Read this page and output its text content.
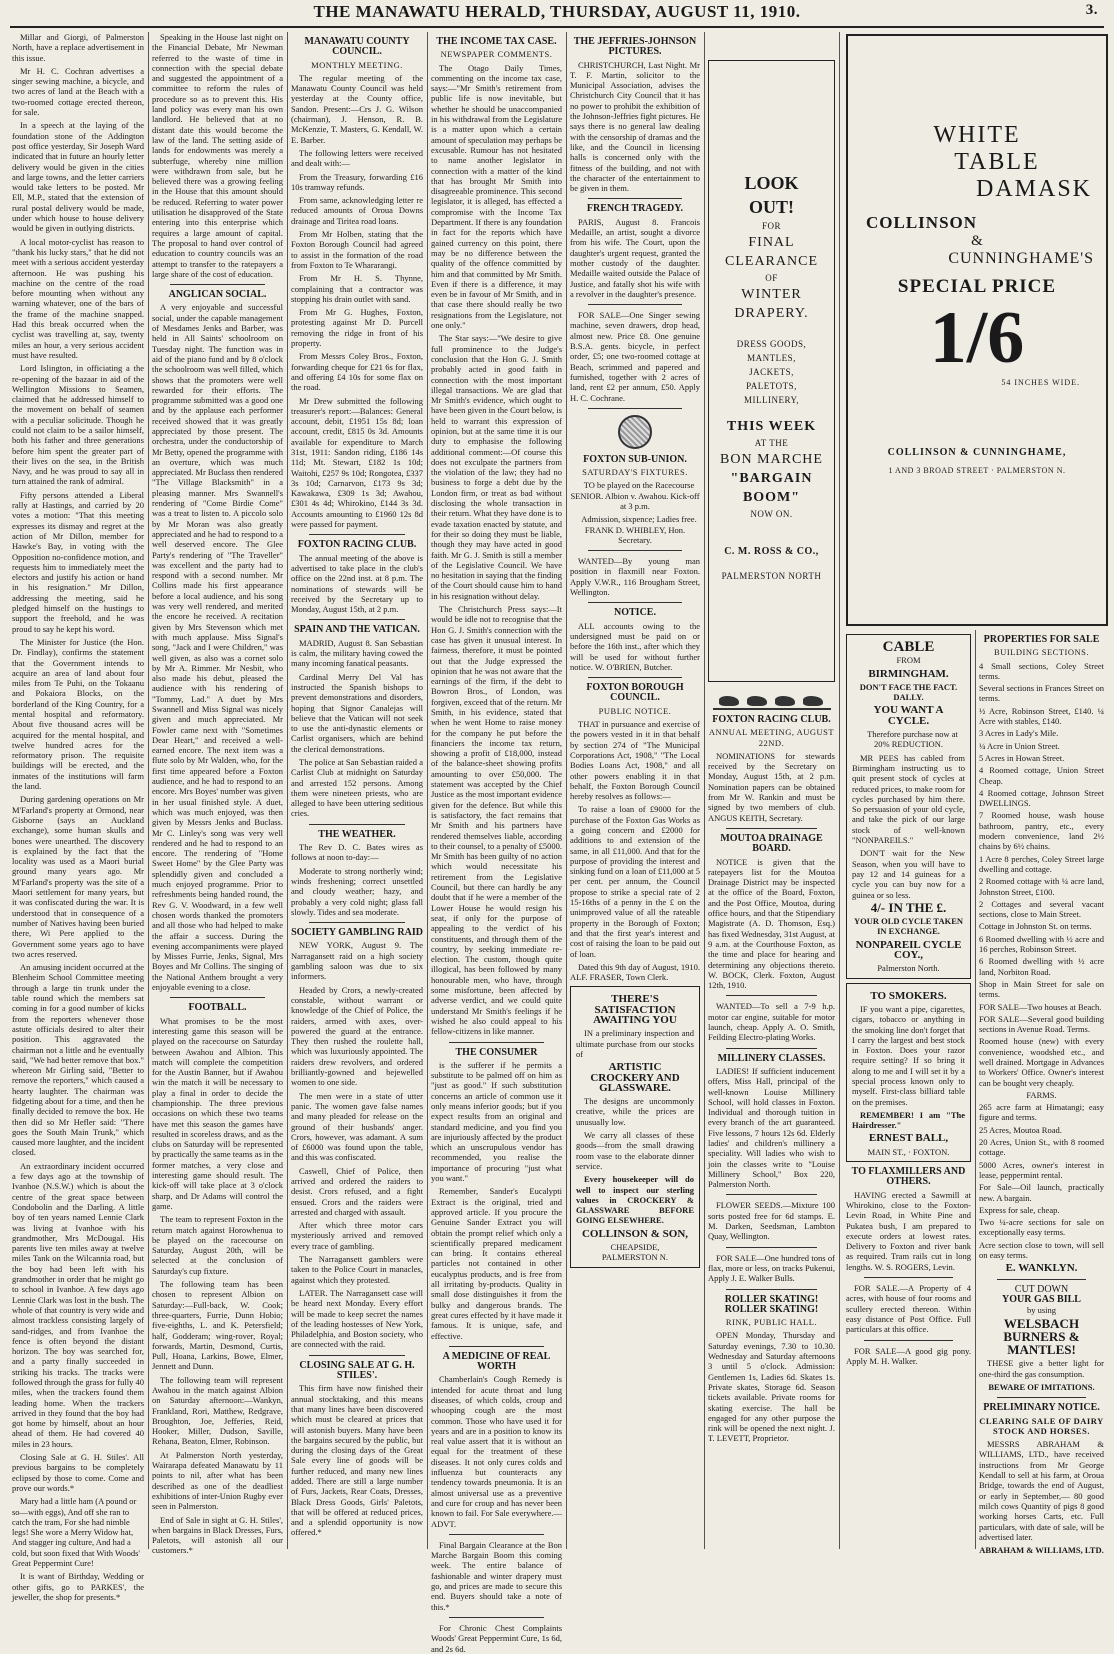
THE MANAWATU HERALD, THURSDAY, AUGUST 11, 1910.	3.

Millar and Giorgi, of Palmerston North, have a replace advertisement in this issue.

Mr H. C. Cochran advertises a singer sewing machine, a bicycle, and two acres of land at the Beach with a two-roomed cottage erected thereon, for sale.

In a speech at the laying of the foundation stone of the Addington post office yesterday, Sir Joseph Ward indicated that in future an hourly letter delivery would be given in the cities and large towns, and the letter carriers would take letters to be posted. Mr Ell, M.P., stated that the extension of rural postal delivery would be made, under which house to house delivery would be given in outlying districts.

A local motor-cyclist has reason to "thank his lucky stars," that he did not meet with a serious accident yesterday afternoon. He was pushing his machine on the centre of the road before mounting when without any warning whatever, one of the bars of the frame of the machine snapped. Had this break occurred when the cyclist was travelling at, say, twenty miles an hour, a very serious accident must have resulted.

Lord Islington, in officiating a the re-opening of the bazaar in aid of the Wellington Missions to Seamen, claimed that he addressed himself to the movement on behalf of seamen with a peculiar solicitude. Though he could not claim to be a sailor himself, both his father and three generations before him spent the greater part of their lives on the sea, in the British Navy, and he was proud to say all in turn attained the rank of admiral.

Fifty persons attended a Liberal rally at Hastings, and carried by 20 votes a motion: "That this meeting expresses its dismay and regret at the action of Mr Dillon, member for Hawke's Bay, in voting with the Opposition no-confidence motion, and requests him to immediately meet the electors and justify his action or hand in his resignation." Mr Dillon, addressing the meeting, said he pledged himself on the hustings to support the freehold, and he was proud to say he kept his word.

The Minister for Justice (the Hon. Dr. Findlay), confirms the statement that the Government intends to acquire an area of land about four miles from Te Puhi, on the Tokaanu and Pokaiora Blocks, on the borderland of the King Country, for a mental hospital and reformatory. About five thousand acres will be acquired for the mental hospital, and twelve hundred acres for the reformatory prison. The requisite buildings will be erected, and the inmates of the institutions will farm the land.

During gardening operations on Mr M'Farland's property at Ormond, near Gisborne (says an Auckland exchange), some human skulls and bones were unearthed. The discovery is explained by the fact that the locality was used as a Maori burial ground many years ago. Mr M'Farland's property was the site of a Maori settlement for many years, but it was confiscated during the war. It is understood that in consequence of a number of Natives having been buried there, Wi Pere applied to the Government some years ago to have two acres reserved.

An amusing incident occurred at the Blenheim School Committee meeting through a large tin trunk under the table round which the members sat coming in for a good number of kicks from the reporters whenever those astute officials desired to alter their position. This aggravated the chairman not a little and he eventually said, "We had better remove that box." whereon Mr Girling said, "Better to remove the reporters," which caused a hearty laughter. The chairman was fidgeting about for a time, and then he finally decided to remove the box. He then did so Mr Hefler said: "There goes the South Main Trunk," which caused more laughter, and the incident closed.

An extraordinary incident occurred a few days ago at the township of Ivanhoe (N.S.W.) which is about the centre of the great space between Condobolin and the Darling. A little boy of ten years named Lennie Clark was living at Ivanhoe with his grandmother, Mrs McDougal. His parents live ten miles away at twelve miles Tank on the Wilcannia road, but the boy had been left with his grandmother in order that he might go to school in Ivanhoe. A few days ago Lennie Clark was lost in the bush. The whole of that country is very wide and almost trackless consisting largely of sand-ridges, and from Ivanhoe the fence is often beyond the distant horizon. The boy was searched for, and a party finally succeeded in striking his tracks. The tracks were followed through the grass for fully 40 miles, when the trackers found them leading home. When the trackers arrived in they found that the boy had got home by himself, about an hour ahead of them. He had covered 40 miles in 23 hours.

Closing Sale at G. H. Stiles'. All previous bargains to be completely eclipsed by those to come. Come and prove our words.*

Mary had a little ham (A pound or so—with eggs), And off she ran to catch the tram, For she had nimble legs! She wore a Merry Widow hat, And stagger ing culture, And had a cold, but soon fixed that With Woods' Great Peppermint Cure!

It is want of Birthday, Wedding or other gifts, go to PARKES', the jeweller, the shop for presents.*

Speaking in the House last night on the Financial Debate, Mr Newman referred to the waste of time in connection with the special debate and suggested the appointment of a committee to reform the rules of procedure so as to prevent this. His land policy was every man his own landlord. He believed that at no distant date this would become the law of the land. The setting aside of lands for endowments was merely a subterfuge, whereby nine million were withdrawn from sale, but he believed there was a growing feeling in the House that this amount should be reduced. Referring to water power utilisation he disapproved of the State entering into this enterprise which requires a large amount of capital. The proposal to hand over control of education to country councils was an attempt to transfer to the ratepayers a large share of the cost of education.

ANGLICAN SOCIAL.

A very enjoyable and successful social, under the capable management of Mesdames Jenks and Barber, was held in All Saints' schoolroom on Tuesday night. The function was in aid of the piano fund and by 8 o'clock the schoolroom was well filled, which shows that the promoters were well rewarded for their efforts. The programme submitted was a good one and by the applause each performer received showed that it was greatly appreciated by those present. The orchestra, under the conductorship of Mr Betty, opened the programme with an overture, which was much appreciated. Mr Buclass then rendered "The Village Blacksmith" in a pleasing manner. Mrs Swannell's rendering of "Come Birdie Come" was a treat to listen to. A piccolo solo by Mr Moran was also greatly appreciated and he had to respond to a well deserved encore. The Glee Party's rendering of "The Traveller" was excellent and the party had to respond with a second number. Mr Collins made his first appearance before a local audience, and his song was very well rendered, and merited the encore he received. A recitation given by Mrs Stevenson which met with much applause. Miss Signal's song, "Jack and I were Children," was well given, as also was a cornet solo by Mr A. Rimmer. Mr Nesbit, who also made his debut, pleased the audience with his rendering of "Tommy, Lad." A duet by Mrs Swannell and Miss Signal was nicely given and much appreciated. Mr Fowler came next with "Sometimes Dear Heart," and received a well-earned encore. The next item was a flute solo by Mr Walden, who, for the first time appeared before a Foxton audience, and he had to respond to an encore. Mrs Boyes' number was given in her usual finished style. A duet, which was much enjoyed, was then given by Messrs Jenks and Buclass. Mr C. Linley's song was very well rendered and he had to respond to an encore. The rendering of "Home Sweet Home" by the Glee Party was splendidly given and concluded a much enjoyed programme. Prior to refreshments being handed round, the Rev G. V. Woodward, in a few well chosen words thanked the promoters and all those who had helped to make the affair a success. During the evening accompaniments were played by Misses Furrie, Jenks, Signal, Mrs Boyes and Mr Collins. The singing of the National Anthem brought a very enjoyable evening to a close.

FOOTBALL.

What promises to be the most interesting game this season will be played on the racecourse on Saturday between Awahou and Albion. This match will complete the competition for the Austin Banner, but if Awahou win the match it will be necessary to play a final in order to decide the championship. The three previous occasions on which these two teams have met this season the games have resulted in scoreless draws, and as the clubs on Saturday will be represented by practically the same teams as in the former matches, a very close and interesting game should result. The kick-off will take place at 3 o'clock sharp, and Dr Adams will control the game.

The team to represent Foxton in the return match against Horowhenua to be played on the racecourse on Saturday, August 20th, will be selected at the conclusion of Saturday's cup fixture.

The following team has been chosen to represent Albion on Saturday:—Full-back, W. Cook; three-quarters, Furrie, Dunn Hobio; five-eighths, L. and K. Petersfield; half, Godderam; wing-rover, Royal; forwards, Martin, Desmond, Curtis, Pull, Hoana, Larkins, Bowe, Elmer, Jennett and Dunn.

The following team will represent Awahou in the match against Albion on Saturday afternoon:—Wankyn, Frankland, Rori, Matthew, Redgrave, Broughton, Joe, Jefferies, Reid, Hooker, Miller, Dudson, Saville, Rehana, Beaton, Elmer, Robinson.

At Palmerston North yesterday, Wairarapa defeated Manawatu by 11 points to nil, after what has been described as one of the deadliest exhibitions of inter-Union Rugby ever seen in Palmerston.

End of Sale in sight at G. H. Stiles', when bargains in Black Dresses, Furs, Paletots, will astonish all our customers.*

MANAWATU COUNTY COUNCIL.
MONTHLY MEETING.

The regular meeting of the Manawatu County Council was held yesterday at the County office, Sandon. Present:—Crs J. G. Wilson (chairman), J. Henson, R. B. McKenzie, T. Masters, G. Kendall, W. E. Barber.

The following letters were received and dealt with:—

From the Treasury, forwarding £16 10s tramway refunds.

From same, acknowledging letter re reduced amounts of Oroua Downs drainage and Tiritea road loans.

From Mr Holben, stating that the Foxton Borough Council had agreed to assist in the formation of the road from Foxton to Te Whararangi.

From Mr H. S. Thynne, complaining that a contractor was stopping his drain outlet with sand.

From Mr G. Hughes, Foxton, protesting against Mr D. Purcell removing the ridge in front of his property.

From Messrs Coley Bros., Foxton, forwarding cheque for £21 6s for flax, and offering £4 10s for some flax on the road.

Mr Drew submitted the following treasurer's report:—Balances: General account, debit, £1951 15s 8d; loan account, credit, £815 0s 3d. Amounts available for expenditure to March 31st, 1911: Sandon riding, £186 14s 11d; Mt. Stewart, £182 1s 10d; Waitohi, £257 9s 10d; Rongotea, £337 3s 10d; Carnarvon, £173 9s 3d; Kawakawa, £309 1s 3d; Awahou, £301 4s 4d; Whirokino, £144 3s 3d. Accounts amounting to £1960 12s 8d were passed for payment.

FOXTON RACING CLUB.

The annual meeting of the above is advertised to take place in the club's office on the 22nd inst. at 8 p.m. The nominations of stewards will be received by the Secretary up to Monday, August 15th, at 2 p.m.

SPAIN AND THE VATICAN.

MADRID, August 8. San Sebastian is calm, the military having cowed the many incoming fanatical peasants.

Cardinal Merry Del Val has instructed the Spanish bishops to prevent demonstrations and disorders, hoping that Signor Canalejas will believe that the Vatican will not seek to use the anti-dynastic elements or Carlist organisers, which are behind the clerical demonstrations.

The police at San Sebastian raided a Carlist Club at midnight on Saturday and arrested 152 persons. Among them were nineteen priests, who are alleged to have been uttering seditious cries.

THE WEATHER.

The Rev D. C. Bates wires as follows at noon to-day:—

Moderate to strong northerly wind; winds freshening; correct unsettled and cloudy weather; hazy, and probably a very cold night; glass fall slowly. Tides and sea moderate.

SOCIETY GAMBLING RAID

NEW YORK, August 9. The Narragansett raid on a high society gambling saloon was due to six informers.

Headed by Crors, a newly-created constable, without warrant or knowledge of the Chief of Police, the raiders, armed with axes, over-powered the guard at the entrance. They then rushed the roulette hall, which was luxuriously appointed. The raiders drew revolvers, and ordered brilliantly-gowned and bejewelled women to one side.

The men were in a state of utter panic. The women gave false names and many pleaded for release on the ground of their husbands' anger. Crors, however, was adamant. A sum of £6000 was found upon the table, and this was confiscated.

Caswell, Chief of Police, then arrived and ordered the raiders to desist. Crors refused, and a fight ensued. Crors and the raiders were arrested and charged with assault.

After which three motor cars mysteriously arrived and removed every trace of gambling.

The Narragansett gamblers were taken to the Police Court in manacles, against which they protested.

LATER. The Narragansett case will be heard next Monday. Every effort will be made to keep secret the names of the leading hostesses of New York, Philadelphia, and Boston society, who are connected with the raid.

CLOSING SALE AT G. H. STILES'.

This firm have now finished their annual stocktaking, and this means that many lines have been discovered which must be cleared at prices that will astonish buyers. Many have been the bargains secured by the public, but during the closing days of the Great Sale every line of goods will be further reduced, and many new lines added. There are still a large number of Furs, Jackets, Rear Coats, Dresses, Black Dress Goods, Girls' Paletots, that will be offered at reduced prices, and a splendid opportunity is now offered.*

THE INCOME TAX CASE.
NEWSPAPER COMMENTS.

The Otago Daily Times, commenting on the income tax case, says:—"Mr Smith's retirement from public life is now inevitable, but whether he should be unaccompanied in his withdrawal from the Legislature is a matter upon which a certain amount of speculation may perhaps be excusable. Rumour has not hesitated to name another legislator in connection with a matter of the kind that has brought Mr Smith into disagreeable prominence. This second legislator, it is alleged, has effected a compromise with the Income Tax Department. If there is any foundation in fact for the reports which have gained currency on this point, there may be no difference between the quality of the offence committed by him and that committed by Mr Smith. Even if there is a difference, it may even be in favour of Mr Smith, and in that case there should really be two resignations from the Legislature, not one only."

The Star says:—"We desire to give full prominence to the Judge's conclusion that the Hon G. J. Smith probably acted in good faith in connection with the most important illegal transactions. We are glad that Mr Smith's evidence, which ought to have been given in the Court below, is held to warrant this expression of opinion, but at the same time it is our duty to emphasise the following additional comment:—Of course this does not exculpate the partners from the violation of the law; they had no business to forge a debt due by the London firm, or treat as bad without disclosing the whole transaction in their return. What they have done is to evade taxation enacted by statute, and for their so doing they must be liable, though they may have acted in good faith. Mr G. J. Smith is still a member of the Legislative Council. We have no hesitation in saying that the finding of the Court should cause him to hand in his resignation without delay.

The Christchurch Press says:—It would be idle not to recognise that the Hon G. J. Smith's connection with the case has given it unusual interest. In fairness, therefore, it must be pointed out that the Judge expressed the opinion that he was not aware that the earnings of the firm, if the debt to Bowron Bros., of London, was forgiven, exceed that of the return. Mr Smith, in his evidence, stated that when he went Home to raise money for the company he put before the financiers the income tax return, showing a profit of £18,000, instead of the balance-sheet showing profits amounting to over £50,000. The statement was accepted by the Chief Justice as the most important evidence given for the defence. But while this is satisfactory, the fact remains that Mr Smith and his partners have rendered themselves liable, according to their counsel, to a penalty of £5000. Mr Smith has been guilty of no action which would necessitate his retirement from the Legislative Council, but there can hardly be any doubt that if he were a member of the Lower House he would resign his seat, if only for the purpose of appealing to the verdict of his constituents, and through them of the country, by seeking immediate re-election. The custom, though quite illogical, has been followed by many honourable men, who have, through some misfortune, been affected by adverse verdict, and we could quite understand Mr Smith's feelings if he wished he also could appeal to his fellow-citizens in like manner.

THE CONSUMER

is the sufferer if he permits a substitute to be palmed off on him as "just as good." If such substitution concerns an article of common use it only means inferior goods; but if you expect results from an original and standard medicine, and you find you are injuriously affected by the product which an unscrupulous vendor has recommended, you realise the importance of procuring "just what you want."

Remember, Sander's Eucalypti Extract is the original, tried and approved article. If you procure the Genuine Sander Extract you will obtain the prompt relief which only a scientifically prepared medicament can bring. It contains ethereal particles not contained in other eucalyptus products, and is free from all irritating by-products. Quality in small dose distinguishes it from the bulky and dangerous brands. The great cures effected by it have made it famous. It is unique, safe, and effective.

A MEDICINE OF REAL WORTH

Chamberlain's Cough Remedy is intended for acute throat and lung diseases, of which colds, croup and whooping cough are the most common. Those who have used it for years and are in a position to know its real value assert that it is without an equal for the treatment of these diseases. It not only cures colds and influenza but counteracts any tendency towards pneumonia. It is an almost universal use as a preventive and cure for croup and has never been known to fail. For Sale everywhere.—ADVT.

Final Bargain Clearance at the Bon Marche Bargain Boom this coming week. The entire balance of fashionable and winter drapery must go, and prices are made to secure this end. Buyers should take a note of this.*

For Chronic Chest Complaints Woods' Great Peppermint Cure, 1s 6d, and 2s 6d.

THE JEFFRIES-JOHNSON PICTURES.

CHRISTCHURCH, Last Night. Mr T. F. Martin, solicitor to the Municipal Association, advises the Christchurch City Council that it has no power to prohibit the exhibition of the Johnson-Jeffries fight pictures. He says there is no general law dealing with the censorship of dramas and the like, and the Council in licensing halls is concerned only with the fitness of the building, and not with the character of the entertainment to be given in them.

FRENCH TRAGEDY.

PARIS, August 8. Francois Medaille, an artist, sought a divorce from his wife. The Court, upon the daughter's urgent request, granted the mother custody of the daughter. Medaille waited outside the Palace of Justice, and fatally shot his wife with a revolver in the daughter's presence.

FOR SALE—One Singer sewing machine, seven drawers, drop head, almost new. Price £8. One genuine B.S.A. gents. bicycle, in perfect order, £5; one two-roomed cottage at Beach, scrimmed and papered and furnished, together with 2 acres of land, rent £2 per annum, £50. Apply H. C. Cochrane.

FOXTON SUB-UNION.
SATURDAY'S FIXTURES.

TO be played on the Racecourse SENIOR. Albion v. Awahou. Kick-off at 3 p.m.

Admission, sixpence; Ladies free. FRANK D. WHIBLEY, Hon. Secretary.

WANTED—By young man position in flaxmill near Foxton. Apply V.W.R., 116 Brougham Street, Wellington.

NOTICE.

ALL accounts owing to the undersigned must be paid on or before the 16th inst., after which they will be used for without further notice. W. O'BRIEN, Butcher.

FOXTON BOROUGH COUNCIL.
PUBLIC NOTICE.

THAT in pursuance and exercise of the powers vested in it in that behalf by section 274 of "The Municipal Corporations Act, 1908," "The Local Bodies Loans Act, 1908," and all other powers enabling it in that behalf, the Foxton Borough Council hereby resolves as follows:—

To raise a loan of £9000 for the purchase of the Foxton Gas Works as a going concern and £2000 for additions to and extension of the same, in all £11,000. And that for the purpose of providing the interest and sinking fund on a loan of £11,000 at 5 per cent. per annum, the Council propose to strike a special rate of 2 15-16ths of a penny in the £ on the unimproved value of all the rateable property in the Borough of Foxton; and that the first year's interest and cost of raising the loan to be paid out of loan.

Dated this 9th day of August, 1910. ALF. FRASER, Town Clerk.

THERE'S SATISFACTION AWAITING YOU

IN a preliminary inspection and ultimate purchase from our stocks of

ARTISTIC CROCKERY AND GLASSWARE.

The designs are uncommonly creative, while the prices are unusually low.

We carry all classes of these goods—from the small drawing room vase to the elaborate dinner service.

Every housekeeper will do well to inspect our sterling values in CROCKERY & GLASSWARE BEFORE GOING ELSEWHERE.

COLLINSON & SON,
CHEAPSIDE,
PALMERSTON N.
LOOK
OUT!
FOR
FINAL
CLEARANCE
OF
WINTER
DRAPERY.
DRESS GOODS,
MANTLES,
JACKETS,
PALETOTS,
MILLINERY,
THIS WEEK
AT THE
BON MARCHE
"BARGAIN
BOOM"
NOW ON.
C. M. ROSS & CO.,
PALMERSTON NORTH
FOXTON RACING CLUB.
ANNUAL MEETING, AUGUST 22ND.

NOMINATIONS for stewards received by the Secretary on Monday, August 15th, at 2 p.m. Nomination papers can be obtained from Mr W. Rankin and must be signed by two members of club. ANGUS KEITH, Secretary.

MOUTOA DRAINAGE BOARD.

NOTICE is given that the ratepayers list for the Moutoa Drainage District may be inspected at the office of the Board, Foxton, and the Post Office, Moutoa, during office hours, and that the Stipendiary Magistrate (A. D. Thomson, Esq.) has fixed Wednesday, 31st August, at 9 a.m. at the Courthouse Foxton, as the time and place for hearing and determining any objections thereto. W. BOCK, Clerk. Foxton, August 12th, 1910.

WANTED—To sell a 7-9 h.p. motor car engine, suitable for motor launch, cheap. Apply A. O. Smith, Feilding Electro-plating Works.

MILLINERY CLASSES.

LADIES! If sufficient inducement offers, Miss Hall, principal of the well-known Louise Millinery School, will hold classes in Foxton. Individual and thorough tuition in every branch of the art guaranteed. Five lessons, 7 hours 12s 6d. Elderly ladies' and children's millinery a speciality. Will ladies who wish to join the classes write to "Louise Millinery School," Box 220, Palmerston North.

FLOWER SEEDS.—Mixture 100 sorts posted free for 6d stamps. E. M. Darken, Seedsman, Lambton Quay, Wellington.

FOR SALE—One hundred tons of flax, more or less, on tracks Pukenui, Apply J. E. Walker Bulls.

ROLLER SKATING! ROLLER SKATING!
RINK, PUBLIC HALL.

OPEN Monday, Thursday and Saturday evenings, 7.30 to 10.30. Wednesday and Saturday afternoons 3 until 5 o'clock. Admission: Gentlemen 1s, Ladies 6d. Skates 1s. Private skates, Storage 6d. Season tickets available. Private rooms for skating exercise. The hall be engaged for any other purpose the rink will be opened the next night. J. T. LEVETT, Proprietor.

WHITE
TABLE
DAMASK
COLLINSON
&
CUNNINGHAME'S
SPECIAL PRICE
1/6
54 INCHES WIDE.
COLLINSON & CUNNINGHAME,
1 AND 3 BROAD STREET · PALMERSTON N.
CABLE
FROM
BIRMINGHAM.
DON'T FACE THE FACT. DALLY.
YOU WANT A CYCLE.

Therefore purchase now at 20% REDUCTION.

MR PEES has cabled from Birmingham instructing us to quit present stock of cycles at reduced prices, to make room for cycles purchased by him there. So persuasion of your old cycle, and take the pick of our large stock of well-known "NONPAREILS."

DON'T wait for the New Season, when you will have to pay 12 and 14 guineas for a cycle you can buy now for a guinea or so less.

4/- IN THE £.
YOUR OLD CYCLE TAKEN IN EXCHANGE.
NONPAREIL CYCLE COY.,
Palmerston North.
TO SMOKERS.

IF you want a pipe, cigarettes, cigars, tobacco or anything in the smoking line don't forget that I carry the largest and best stock in Foxton. Does your razor require setting? If so bring it along to me and I will set it by a special process known only to myself. First-class billiard table on the premises.

REMEMBER! I am "The Hairdresser."

ERNEST BALL,
MAIN ST., · FOXTON.
TO FLAXMILLERS AND OTHERS.

HAVING erected a Sawmill at Whirokino, close to the Foxton-Levin Road, in White Pine and Pukatea bush, I am prepared to execute orders at lowest rates. Delivery to Foxton and river bank as required. Tram rails cut in long lengths. W. S. ROGERS, Levin.

FOR SALE.—A Property of 4 acres, with house of four rooms and scullery erected thereon. Within easy distance of Post Office. Full particulars at this office.

FOR SALE—A good gig pony. Apply M. H. Walker.

PROPERTIES FOR SALE
BUILDING SECTIONS.
4 Small sections, Coley Street terms.
Several sections in Frances Street on terms.
½ Acre, Robinson Street, £140. ¼ Acre with stables, £140.
3 Acres in Lady's Mile.
¼ Acre in Union Street.
5 Acres in Howan Street.
4 Roomed cottage, Union Street Cheap.
4 Roomed cottage, Johnson Street DWELLINGS.
7 Roomed house, wash house bathroom, pantry, etc., every modern convenience, land 2½ chains by 6½ chains.
1 Acre 8 perches, Coley Street large dwelling and cottage.
2 Roomed cottage with ¼ acre land, Johnston Street, £100.
2 Cottages and several vacant sections, close to Main Street.
Cottage in Johnston St. on terms.
6 Roomed dwelling with ½ acre and 16 perches, Robinson Street.
6 Roomed dwelling with ½ acre land, Norbiton Road.
Shop in Main Street for sale on terms.
FOR SALE—Two houses at Beach.
FOR SALE—Several good building sections in Avenue Road. Terms.
Roomed house (new) with every convenience, woodshed etc., and well drained. Mortgage in Advances to Workers' Office. Owner's interest can be bought very cheaply.
FARMS.
265 acre farm at Himatangi; easy figure and terms.
25 Acres, Moutoa Road.
20 Acres, Union St., with 8 roomed cottage.
5000 Acres, owner's interest in lease, peppermint rental.
For Sale—Oil launch, practically new. A bargain.
Express for sale, cheap.
Two ¼-acre sections for sale on exceptionally easy terms.
Acre section close to town, will sell on easy terms.
E. WANKLYN.
CUT DOWN
YOUR GAS BILL
by using
WELSBACH
BURNERS &
MANTLES!

THESE give a better light for one-third the gas consumption.

BEWARE OF IMITATIONS.
PRELIMINARY NOTICE.
CLEARING SALE OF DAIRY STOCK AND HORSES.

MESSRS ABRAHAM & WILLIAMS, LTD., have received instructions from Mr George Kendall to sell at his farm, at Oroua Bridge, towards the end of August, or early in September,— 80 good milch cows Quantity of pigs 8 good working horses Carts, etc. Full particulars, with date of sale, will be advertised later.

ABRAHAM & WILLIAMS, LTD.
